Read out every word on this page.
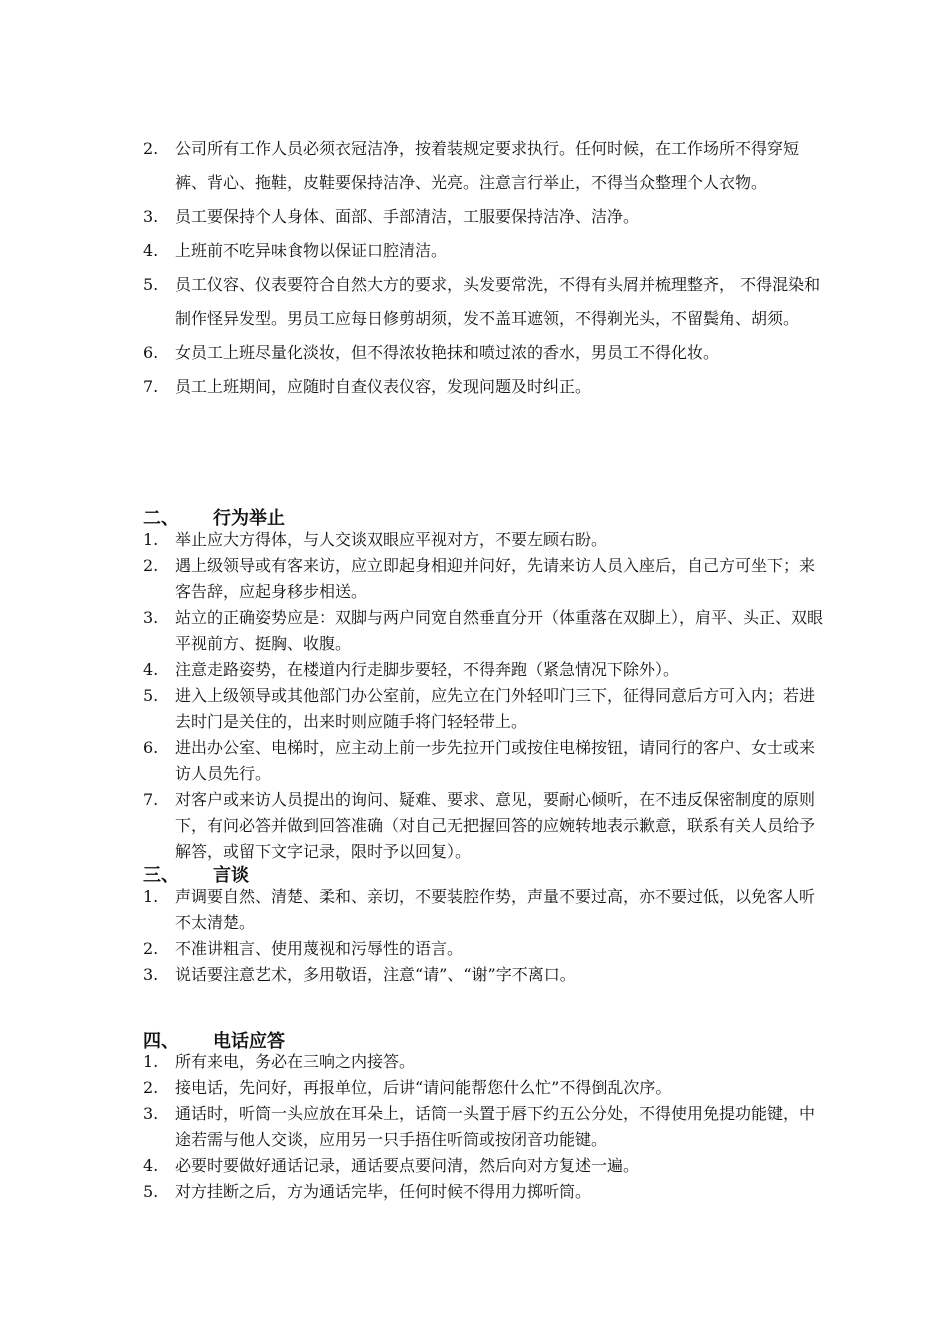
2. 公司所有工作人员必须衣冠洁净，按着装规定要求执行。任何时候，在工作场所不得穿短裤、背心、拖鞋，皮鞋要保持洁净、光亮。注意言行举止，不得当众整理个人衣物。
3. 员工要保持个人身体、面部、手部清洁，工服要保持洁净、洁净。
4. 上班前不吃异味食物以保证口腔清洁。
5. 员工仪容、仪表要符合自然大方的要求，头发要常洗，不得有头屑并梳理整齐， 不得混染和制作怪异发型。男员工应每日修剪胡须，发不盖耳遮领，不得剃光头，不留鬓角、胡须。
6. 女员工上班尽量化淡妆，但不得浓妆艳抹和喷过浓的香水，男员工不得化妆。
7. 员工上班期间，应随时自查仪表仪容，发现问题及时纠正。
二、 行为举止
1. 举止应大方得体，与人交谈双眼应平视对方，不要左顾右盼。
2. 遇上级领导或有客来访，应立即起身相迎并问好，先请来访人员入座后，自己方可坐下；来客告辞，应起身移步相送。
3. 站立的正确姿势应是：双脚与两户同宽自然垂直分开（体重落在双脚上），肩平、头正、双眼平视前方、挺胸、收腹。
4. 注意走路姿势，在楼道内行走脚步要轻，不得奔跑（紧急情况下除外）。
5. 进入上级领导或其他部门办公室前，应先立在门外轻叩门三下，征得同意后方可入内；若进去时门是关住的，出来时则应随手将门轻轻带上。
6. 进出办公室、电梯时，应主动上前一步先拉开门或按住电梯按钮，请同行的客户、女士或来访人员先行。
7. 对客户或来访人员提出的询问、疑难、要求、意见，要耐心倾听，在不违反保密制度的原则下，有问必答并做到回答准确（对自己无把握回答的应婉转地表示歉意，联系有关人员给予解答，或留下文字记录，限时予以回复）。
三、 言谈
1. 声调要自然、清楚、柔和、亲切，不要装腔作势，声量不要过高，亦不要过低，以免客人听不太清楚。
2. 不准讲粗言、使用蔑视和污辱性的语言。
3. 说话要注意艺术，多用敬语，注意“请”、“谢”字不离口。
四、 电话应答
1. 所有来电，务必在三响之内接答。
2. 接电话，先问好，再报单位，后讲“请问能帮您什么忙”不得倒乱次序。
3. 通话时，听筒一头应放在耳朵上，话筒一头置于唇下约五公分处，不得使用免提功能键，中途若需与他人交谈，应用另一只手捂住听筒或按闭音功能键。
4. 必要时要做好通话记录，通话要点要问清，然后向对方复述一遍。
5. 对方挂断之后，方为通话完毕，任何时候不得用力掷听筒。
